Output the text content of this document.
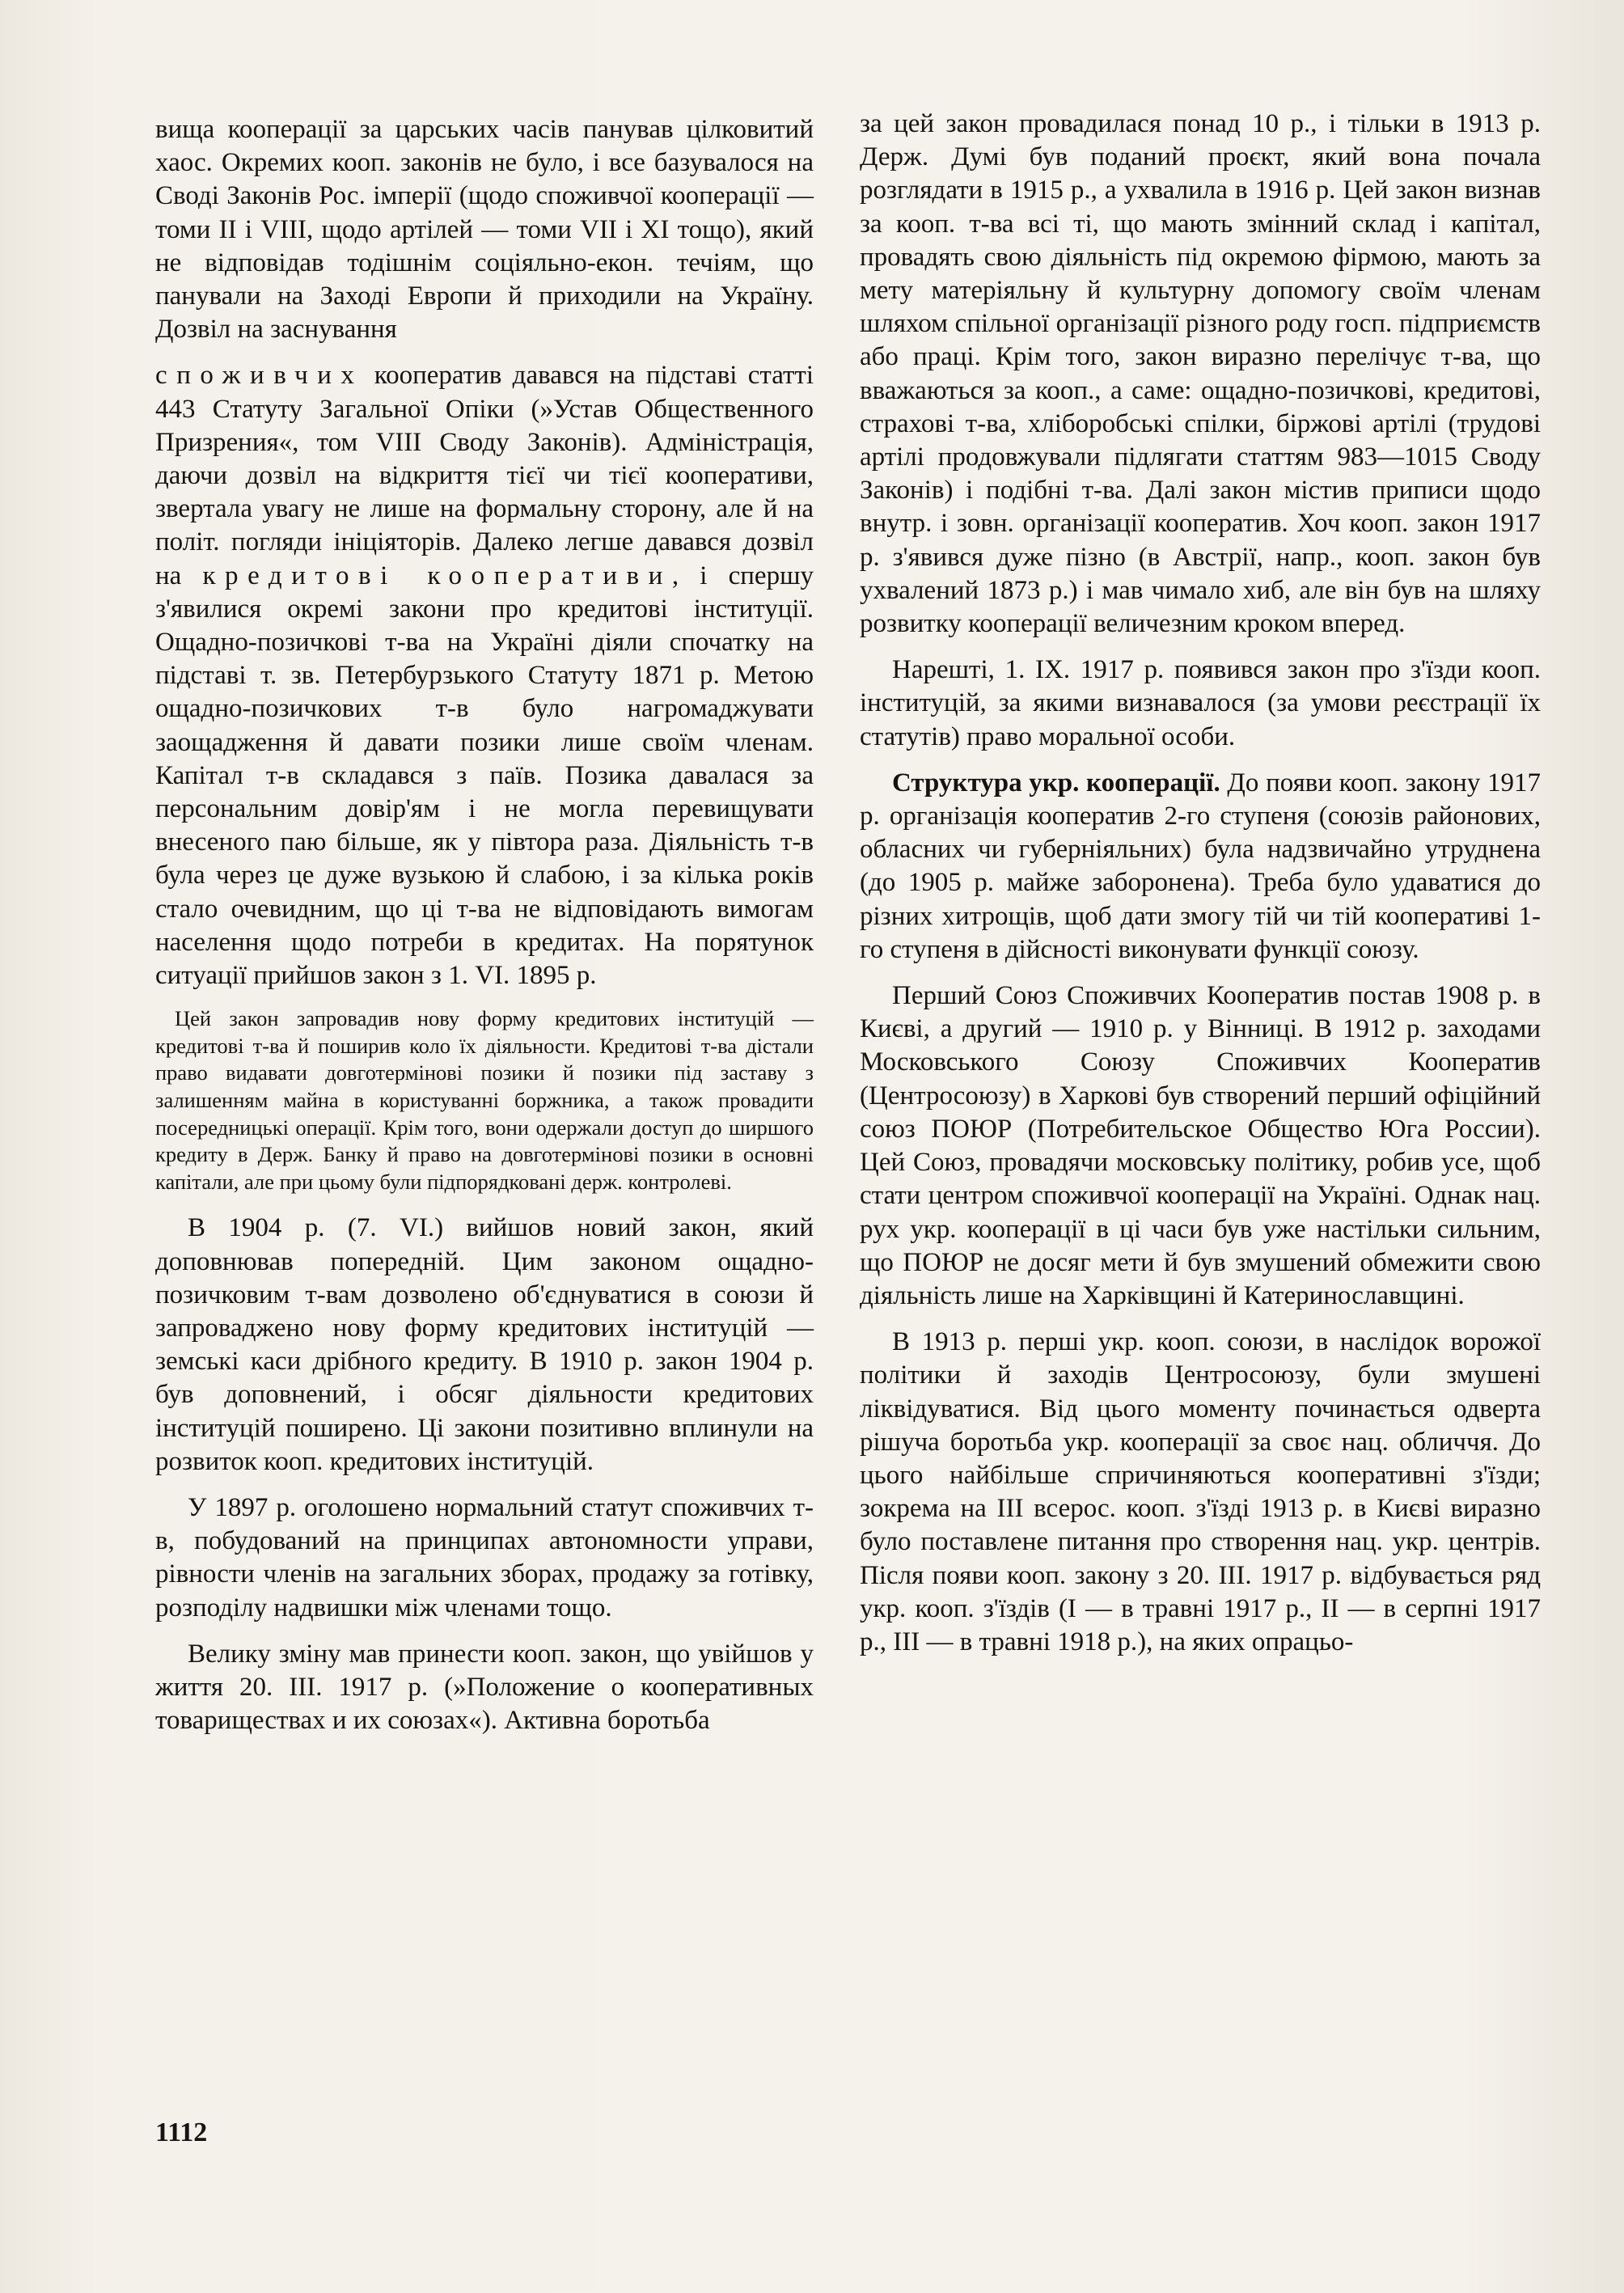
вища кооперації за царських часів панував цілковитий хаос. Окремих кооп. законів не було, і все базувалося на Своді Законів Рос. імперії (щодо споживчої кооперації — томи II і VIII, щодо артілей — томи VII і XI тощо), який не відповідав тодішнім соціяльно-екон. течіям, що панували на Заході Европи й приходили на Україну. Дозвіл на заснування

споживчих кооператив давався на підставі статті 443 Статуту Загальної Опіки (»Устав Общественного Призрения«, том VIII Своду Законів). Адміністрація, даючи дозвіл на відкриття тієї чи тієї кооперативи, звертала увагу не лише на формальну сторону, але й на політ. погляди ініціяторів. Далеко легше давався дозвіл на кредитові кооперативи, і спершу з'явилися окремі закони про кредитові інституції. Ощадно-позичкові т-ва на Україні діяли спочатку на підставі т. зв. Петербурзького Статуту 1871 р. Метою ощадно-позичкових т-в було нагромаджувати заощадження й давати позики лише своїм членам. Капітал т-в складався з паїв. Позика давалася за персональним довір'ям і не могла перевищувати внесеного паю більше, як у півтора раза. Діяльність т-в була через це дуже вузькою й слабою, і за кілька років стало очевидним, що ці т-ва не відповідають вимогам населення щодо потреби в кредитах. На порятунок ситуації прийшов закон з 1. VI. 1895 р.

Цей закон запровадив нову форму кредитових інституцій — кредитові т-ва й поширив коло їх діяльности. Кредитові т-ва дістали право видавати довготермінові позики й позики під заставу з залишенням майна в користуванні боржника, а також провадити посередницькі операції. Крім того, вони одержали доступ до ширшого кредиту в Держ. Банку й право на довготермінові позики в основні капітали, але при цьому були підпорядковані держ. контролеві.

В 1904 р. (7. VI.) вийшов новий закон, який доповнював попередній. Цим законом ощадно-позичковим т-вам дозволено об'єднуватися в союзи й запроваджено нову форму кредитових інституцій — земські каси дрібного кредиту. В 1910 р. закон 1904 р. був доповнений, і обсяг діяльности кредитових інституцій поширено. Ці закони позитивно вплинули на розвиток кооп. кредитових інституцій.

У 1897 р. оголошено нормальний статут споживчих т-в, побудований на принципах автономности управи, рівности членів на загальних зборах, продажу за готівку, розподілу надвишки між членами тощо.

Велику зміну мав принести кооп. закон, що увійшов у життя 20. III. 1917 р. (»Положение о кооперативных товариществах и их союзах«). Активна боротьба

за цей закон провадилася понад 10 р., і тільки в 1913 р. Держ. Думі був поданий проєкт, який вона почала розглядати в 1915 р., а ухвалила в 1916 р. Цей закон визнав за кооп. т-ва всі ті, що мають змінний склад і капітал, провадять свою діяльність під окремою фірмою, мають за мету матеріяльну й культурну допомогу своїм членам шляхом спільної організації різного роду госп. підприємств або праці. Крім того, закон виразно перелічує т-ва, що вважаються за кооп., а саме: ощадно-позичкові, кредитові, страхові т-ва, хліборобські спілки, біржові артілі (трудові артілі продовжували підлягати статтям 983—1015 Своду Законів) і подібні т-ва. Далі закон містив приписи щодо внутр. і зовн. організації кооператив. Хоч кооп. закон 1917 р. з'явився дуже пізно (в Австрії, напр., кооп. закон був ухвалений 1873 р.) і мав чимало хиб, але він був на шляху розвитку кооперації величезним кроком вперед.

Нарешті, 1. IX. 1917 р. появився закон про з'їзди кооп. інституцій, за якими визнавалося (за умови реєстрації їх статутів) право моральної особи.

Структура укр. кооперації. До появи кооп. закону 1917 р. організація кооператив 2-го ступеня (союзів районових, обласних чи губерніяльних) була надзвичайно утруднена (до 1905 р. майже заборонена). Треба було удаватися до різних хитрощів, щоб дати змогу тій чи тій кооперативі 1-го ступеня в дійсності виконувати функції союзу.

Перший Союз Споживчих Кооператив постав 1908 р. в Києві, а другий — 1910 р. у Вінниці. В 1912 р. заходами Московського Союзу Споживчих Кооператив (Центросоюзу) в Харкові був створений перший офіційний союз ПОЮР (Потребительское Общество Юга России). Цей Союз, провадячи московську політику, робив усе, щоб стати центром споживчої кооперації на Україні. Однак нац. рух укр. кооперації в ці часи був уже настільки сильним, що ПОЮР не досяг мети й був змушений обмежити свою діяльність лише на Харківщині й Катеринославщині.

В 1913 р. перші укр. кооп. союзи, в наслідок ворожої політики й заходів Центросоюзу, були змушені ліквідуватися. Від цього моменту починається одверта рішуча боротьба укр. кооперації за своє нац. обличчя. До цього найбільше спричиняються кооперативні з'їзди; зокрема на III всерос. кооп. з'їзді 1913 р. в Києві виразно було поставлене питання про створення нац. укр. центрів. Після появи кооп. закону з 20. III. 1917 р. відбувається ряд укр. кооп. з'їздів (I — в травні 1917 р., II — в серпні 1917 р., III — в травні 1918 р.), на яких опрацьо-

1112
